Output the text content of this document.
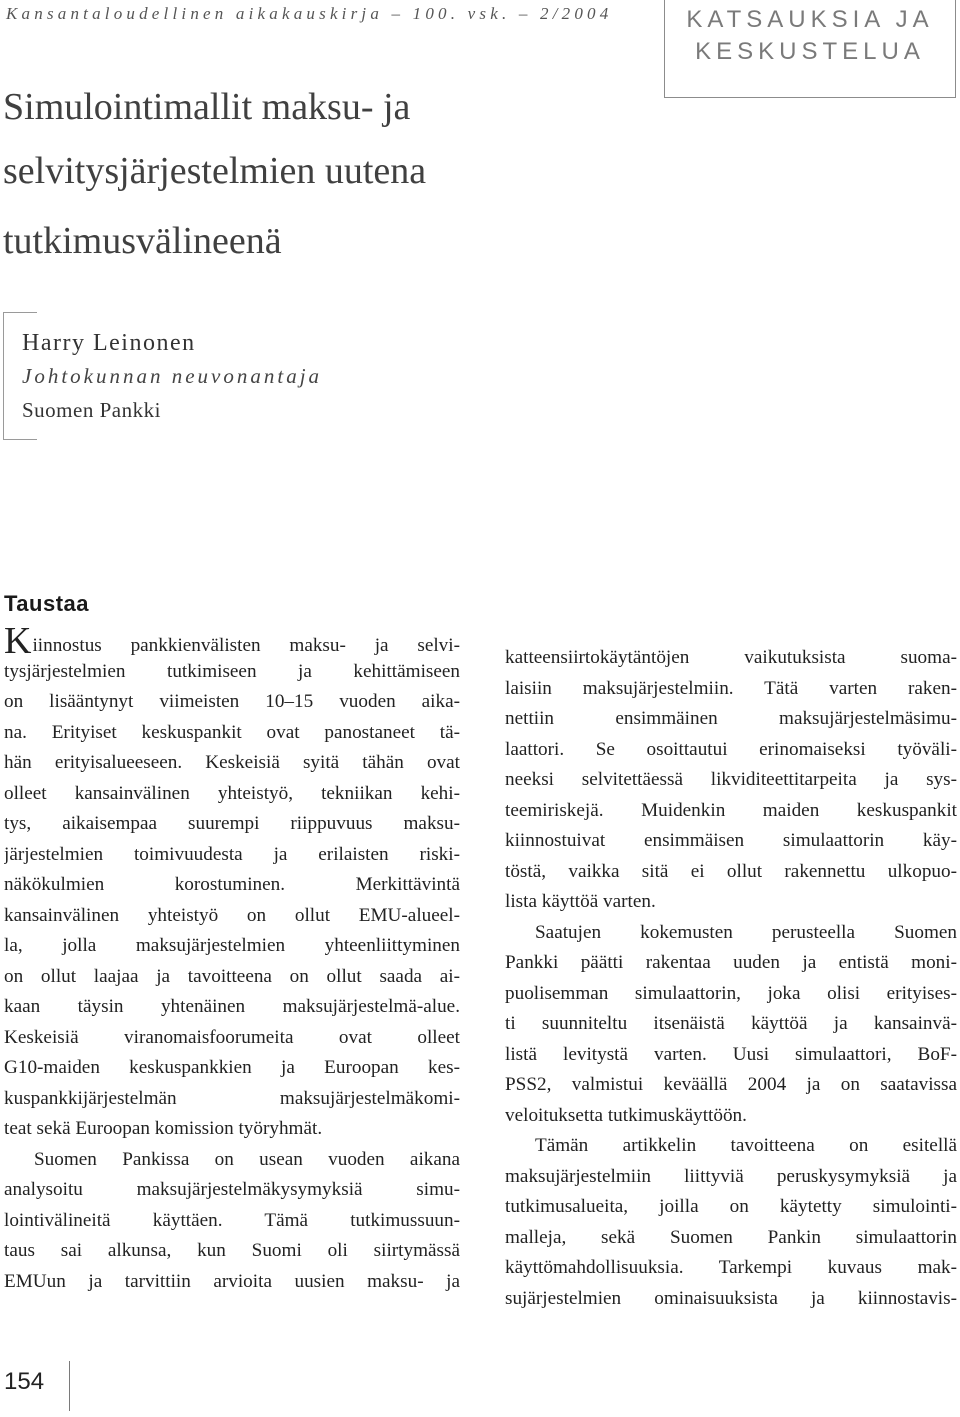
Kansantaloudellinen aikakauskirja – 100. vsk. – 2/2004	KATSAUKSIA JA
KESKUSTELUA
Simulointimallit maksu- ja
selvitysjärjestelmien uutena
tutkimusvälineenä
Harry Leinonen
Johtokunnan neuvonantaja
Suomen Pankki
Taustaa
Kiinnostus pankkienvälisten maksu- ja selvi-
tysjärjestelmien tutkimiseen ja kehittämiseen
on lisääntynyt viimeisten 10–15 vuoden aika-
na. Erityiset keskuspankit ovat panostaneet tä-
hän erityisalueeseen. Keskeisiä syitä tähän ovat
olleet kansainvälinen yhteistyö, tekniikan kehi-
tys, aikaisempaa suurempi riippuvuus maksu-
järjestelmien toimivuudesta ja erilaisten riski-
näkökulmien korostuminen. Merkittävintä
kansainvälinen yhteistyö on ollut EMU-alueel-
la, jolla maksujärjestelmien yhteenliittyminen
on ollut laajaa ja tavoitteena on ollut saada ai-
kaan täysin yhtenäinen maksujärjestelmä-alue.
Keskeisiä viranomaisfoorumeita ovat olleet
G10-maiden keskuspankkien ja Euroopan kes-
kuspankkijärjestelmän maksujärjestelmäkomi-
teat sekä Euroopan komission työryhmät.
Suomen Pankissa on usean vuoden aikana
analysoitu maksujärjestelmäkysymyksiä simu-
lointivälineitä käyttäen. Tämä tutkimussuun-
taus sai alkunsa, kun Suomi oli siirtymässä
EMUun ja tarvittiin arvioita uusien maksu- ja
katteensiirtokäytäntöjen vaikutuksista suoma-
laisiin maksujärjestelmiin. Tätä varten raken-
nettiin ensimmäinen maksujärjestelmäsimu-
laattori. Se osoittautui erinomaiseksi työväli-
neeksi selvitettäessä likviditeettitarpeita ja sys-
teemiriskejä. Muidenkin maiden keskuspankit
kiinnostuivat ensimmäisen simulaattorin käy-
töstä, vaikka sitä ei ollut rakennettu ulkopuo-
lista käyttöä varten.
Saatujen kokemusten perusteella Suomen
Pankki päätti rakentaa uuden ja entistä moni-
puolisemman simulaattorin, joka olisi erityises-
ti suunniteltu itsenäistä käyttöä ja kansainvä-
listä levitystä varten. Uusi simulaattori, BoF-
PSS2, valmistui keväällä 2004 ja on saatavissa
veloituksetta tutkimuskäyttöön.
Tämän artikkelin tavoitteena on esitellä
maksujärjestelmiin liittyviä peruskysymyksiä ja
tutkimusalueita, joilla on käytetty simulointi-
malleja, sekä Suomen Pankin simulaattorin
käyttömahdollisuuksia. Tarkempi kuvaus mak-
sujärjestelmien ominaisuuksista ja kiinnostavis-
154
